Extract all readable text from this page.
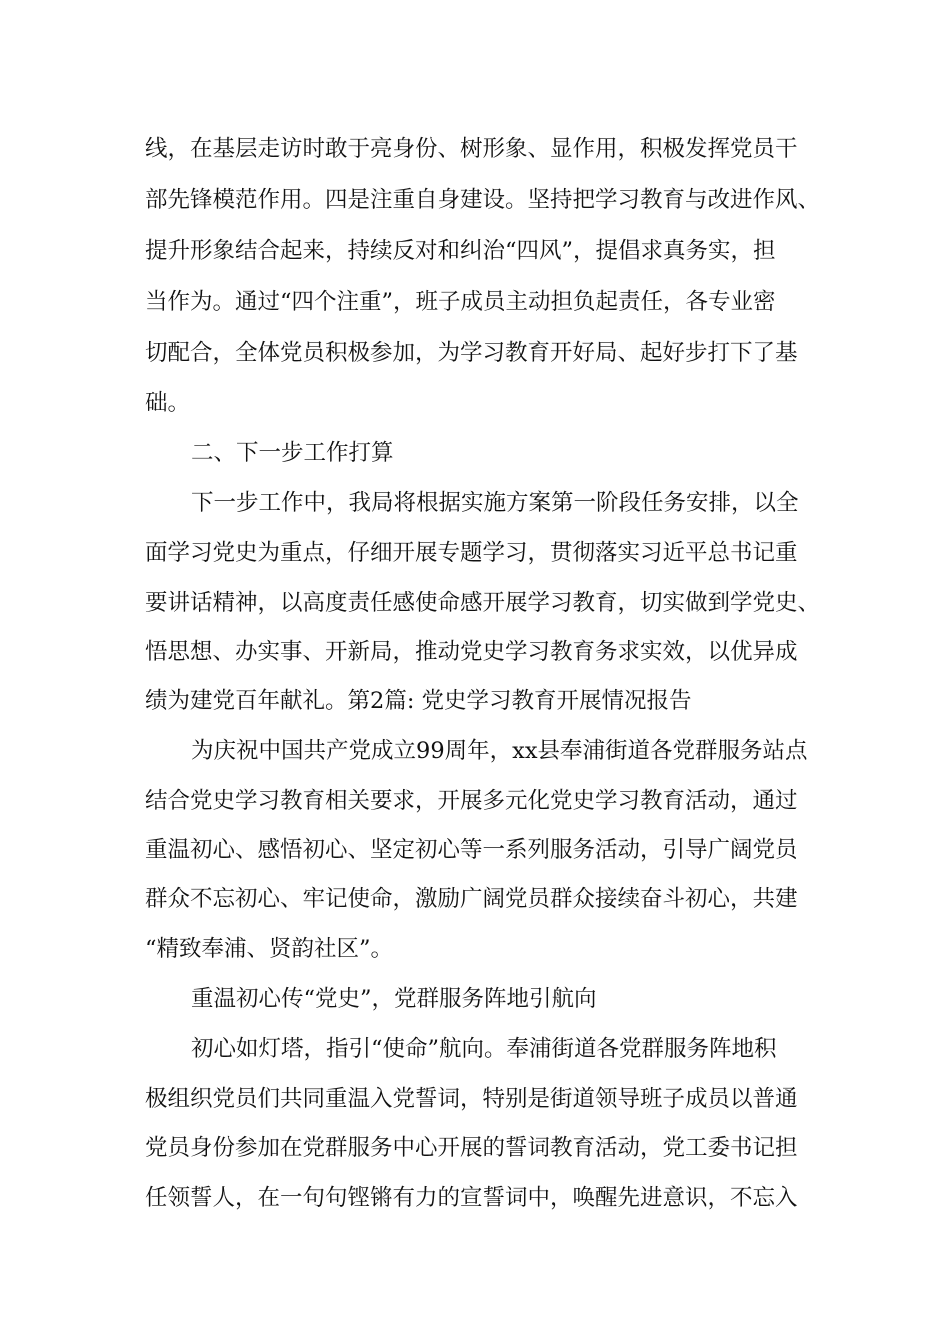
线，在基层走访时敢于亮身份、树形象、显作用，积极发挥党员干
部先锋模范作用。四是注重自身建设。坚持把学习教育与改进作风、
提升形象结合起来，持续反对和纠治“四风”，提倡求真务实，担
当作为。通过“四个注重”，班子成员主动担负起责任，各专业密
切配合，全体党员积极参加，为学习教育开好局、起好步打下了基
础。
二、下一步工作打算
下一步工作中，我局将根据实施方案第一阶段任务安排，以全
面学习党史为重点，仔细开展专题学习，贯彻落实习近平总书记重
要讲话精神，以高度责任感使命感开展学习教育，切实做到学党史、
悟思想、办实事、开新局，推动党史学习教育务求实效，以优异成
绩为建党百年献礼。第2篇: 党史学习教育开展情况报告
为庆祝中国共产党成立99周年，xx县奉浦街道各党群服务站点
结合党史学习教育相关要求，开展多元化党史学习教育活动，通过
重温初心、感悟初心、坚定初心等一系列服务活动，引导广阔党员
群众不忘初心、牢记使命，激励广阔党员群众接续奋斗初心，共建
“精致奉浦、贤韵社区”。
重温初心传“党史”，党群服务阵地引航向
初心如灯塔，指引“使命”航向。奉浦街道各党群服务阵地积
极组织党员们共同重温入党誓词，特别是街道领导班子成员以普通
党员身份参加在党群服务中心开展的誓词教育活动，党工委书记担
任领誓人，在一句句铿锵有力的宣誓词中，唤醒先进意识，不忘入
